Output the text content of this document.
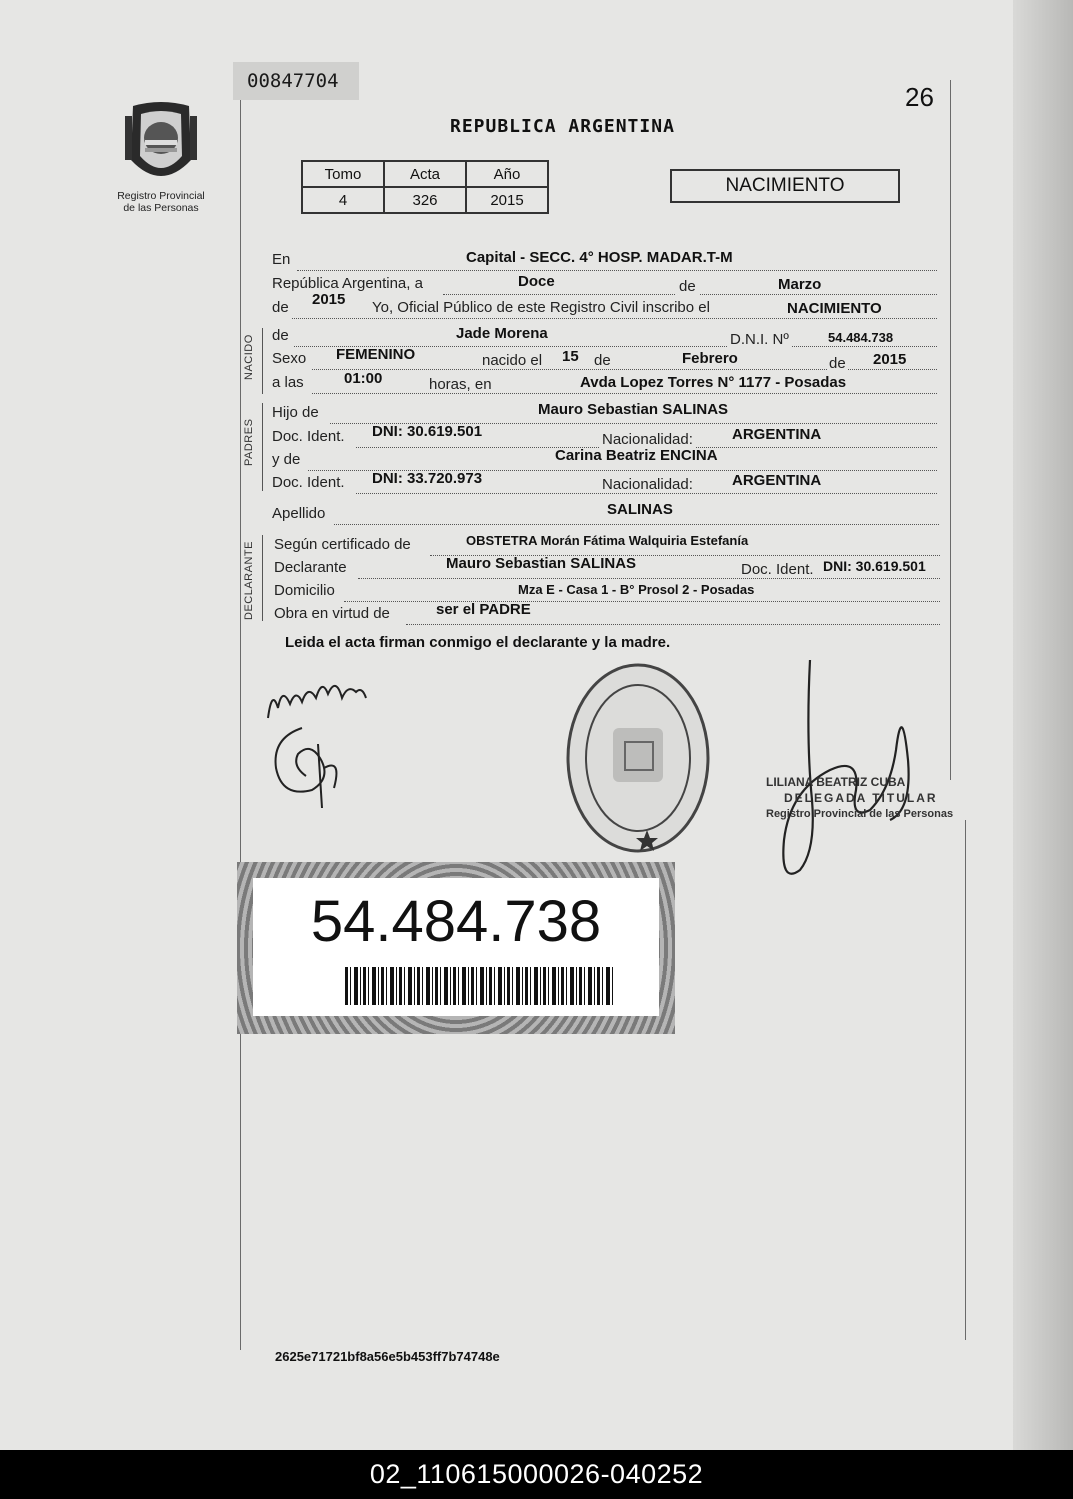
00847704
26
Registro Provincial
de las Personas
REPUBLICA ARGENTINA
Tomo	Acta	Año
4	326	2015
NACIMIENTO
En	Capital - SECC. 4° HOSP. MADAR.T-M
República Argentina, a	Doce	de	Marzo
de 2015 Yo, Oficial Público de este Registro Civil inscribo el	NACIMIENTO
NACIDO de	Jade Morena	D.N.I. Nº	54.484.738
Sexo FEMENINO	nacido el 15 de	Febrero	de 2015
a las	01:00	horas, en	Avda Lopez Torres N° 1177 - Posadas
PADRES
Hijo de	Mauro Sebastian SALINAS
Doc. Ident. DNI: 30.619.501	Nacionalidad:	ARGENTINA
y de	Carina Beatriz ENCINA
Doc. Ident. DNI: 33.720.973	Nacionalidad:	ARGENTINA
Apellido	SALINAS
DECLARANTE Según certificado de	OBSTETRA Morán Fátima Walquiria Estefanía
Declarante	Mauro Sebastian SALINAS	Doc. Ident. DNI: 30.619.501
Domicilio	Mza E - Casa 1 - B° Prosol 2 - Posadas
Obra en virtud de	ser el PADRE
Leida el acta firman conmigo el declarante y la madre.
LILIANA BEATRIZ CUBA
DELEGADA TITULAR
Registro Provincial de las Personas
54.484.738
2625e71721bf8a56e5b453ff7b74748e
02_110615000026-040252
